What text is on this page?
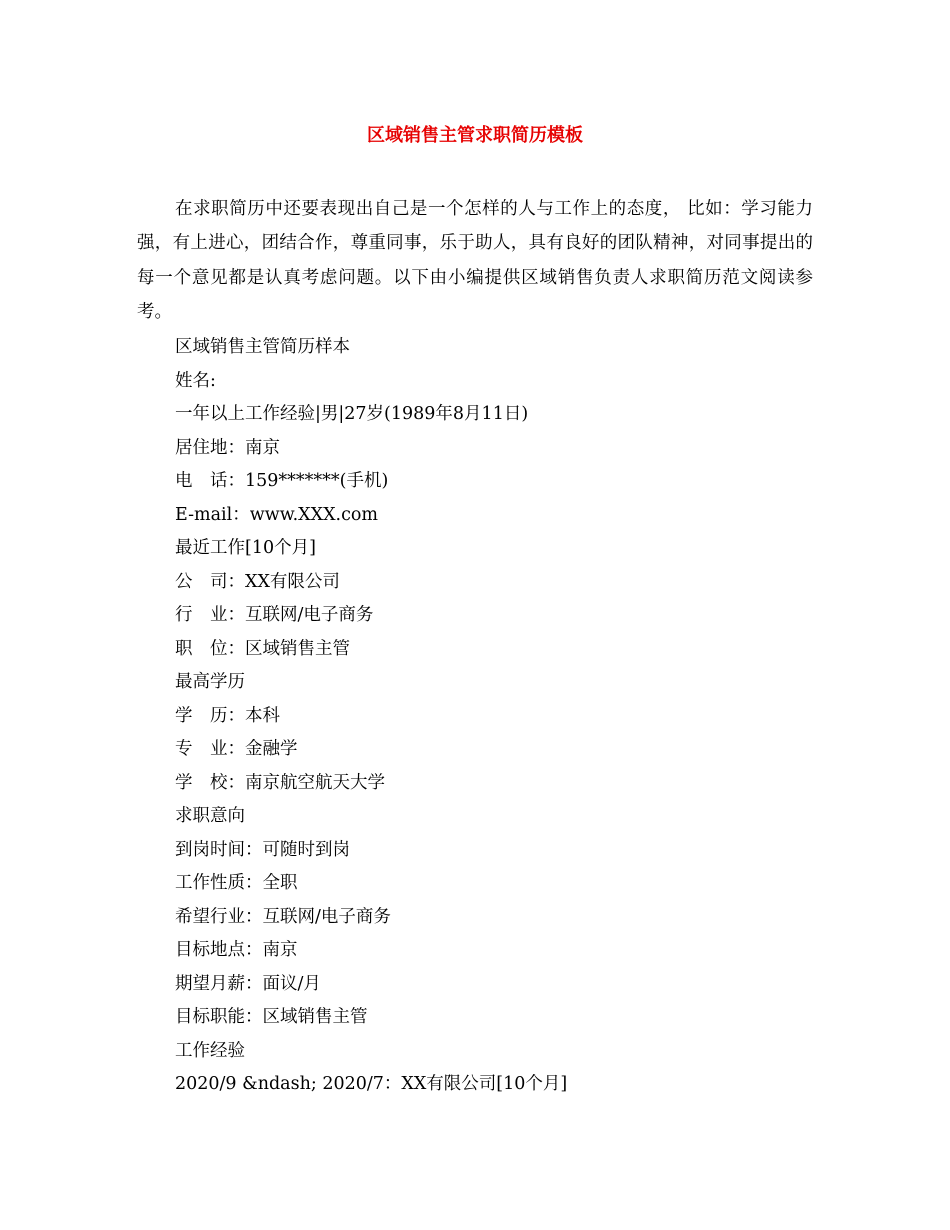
区域销售主管求职简历模板

在求职简历中还要表现出自己是一个怎样的人与工作上的态度， 比如：学习能力强，有上进心，团结合作，尊重同事，乐于助人，具有良好的团队精神，对同事提出的每一个意见都是认真考虑问题。以下由小编提供区域销售负责人求职简历范文阅读参考。

区域销售主管简历样本
姓名:
一年以上工作经验|男|27岁(1989年8月11日)
居住地：南京
电　话：159*******(手机)
E-mail：www.XXX.com
最近工作[10个月]
公　司：XX有限公司
行　业：互联网/电子商务
职　位：区域销售主管
最高学历
学　历：本科
专　业：金融学
学　校：南京航空航天大学
求职意向
到岗时间：可随时到岗
工作性质：全职
希望行业：互联网/电子商务
目标地点：南京
期望月薪：面议/月
目标职能：区域销售主管
工作经验
2020/9 &ndash; 2020/7：XX有限公司[10个月]
